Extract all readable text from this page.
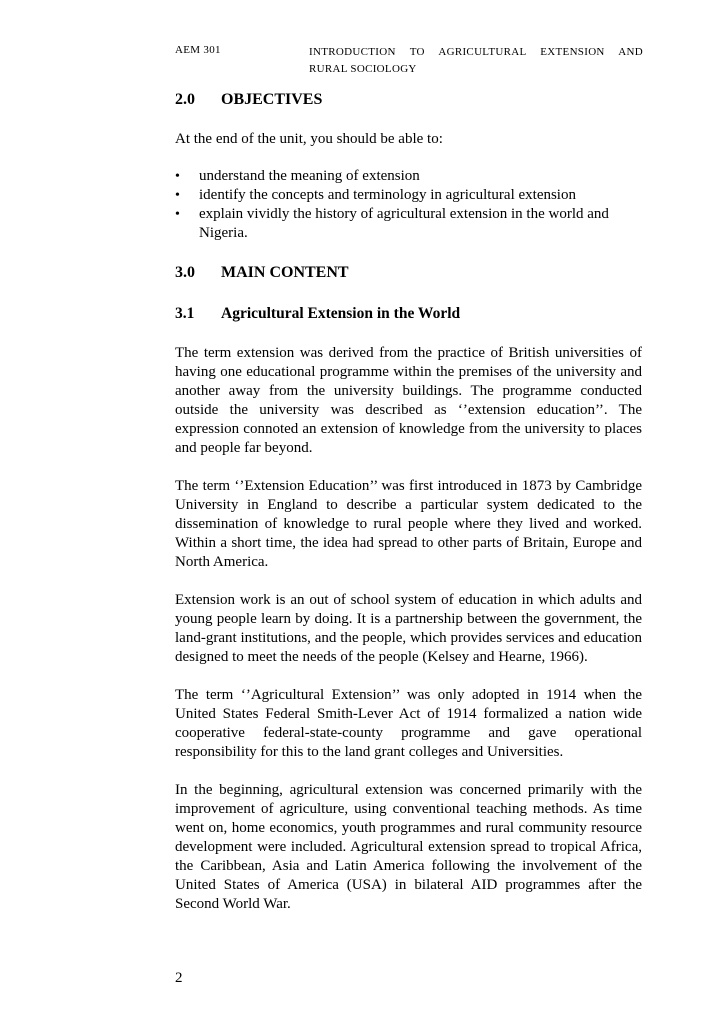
AEM 301	INTRODUCTION TO AGRICULTURAL EXTENSION AND
RURAL SOCIOLOGY
2.0	OBJECTIVES

At the end of the unit, you should be able to:

• understand the meaning of extension
• identify the concepts and terminology in agricultural extension
• explain vividly the history of agricultural extension in the world and Nigeria.
3.0	MAIN CONTENT
3.1	Agricultural Extension in the World

The term extension was derived from the practice of British universities of having one educational programme within the premises of the university and another away from the university buildings. The programme conducted outside the university was described as ‘’extension education’’. The expression connoted an extension of knowledge from the university to places and people far beyond.

The term ‘’Extension Education’’ was first introduced in 1873 by Cambridge University in England to describe a particular system dedicated to the dissemination of knowledge to rural people where they lived and worked. Within a short time, the idea had spread to other parts of Britain, Europe and North America.

Extension work is an out of school system of education in which adults and young people learn by doing. It is a partnership between the government, the land-grant institutions, and the people, which provides services and education designed to meet the needs of the people (Kelsey and Hearne, 1966).

The term ‘’Agricultural Extension’’ was only adopted in 1914 when the United States Federal Smith-Lever Act of 1914 formalized a nation wide cooperative federal-state-county programme and gave operational responsibility for this to the land grant colleges and Universities.

In the beginning, agricultural extension was concerned primarily with the improvement of agriculture, using conventional teaching methods. As time went on, home economics, youth programmes and rural community resource development were included. Agricultural extension spread to tropical Africa, the Caribbean, Asia and Latin America following the involvement of the United States of America (USA) in bilateral AID programmes after the Second World War.

2
